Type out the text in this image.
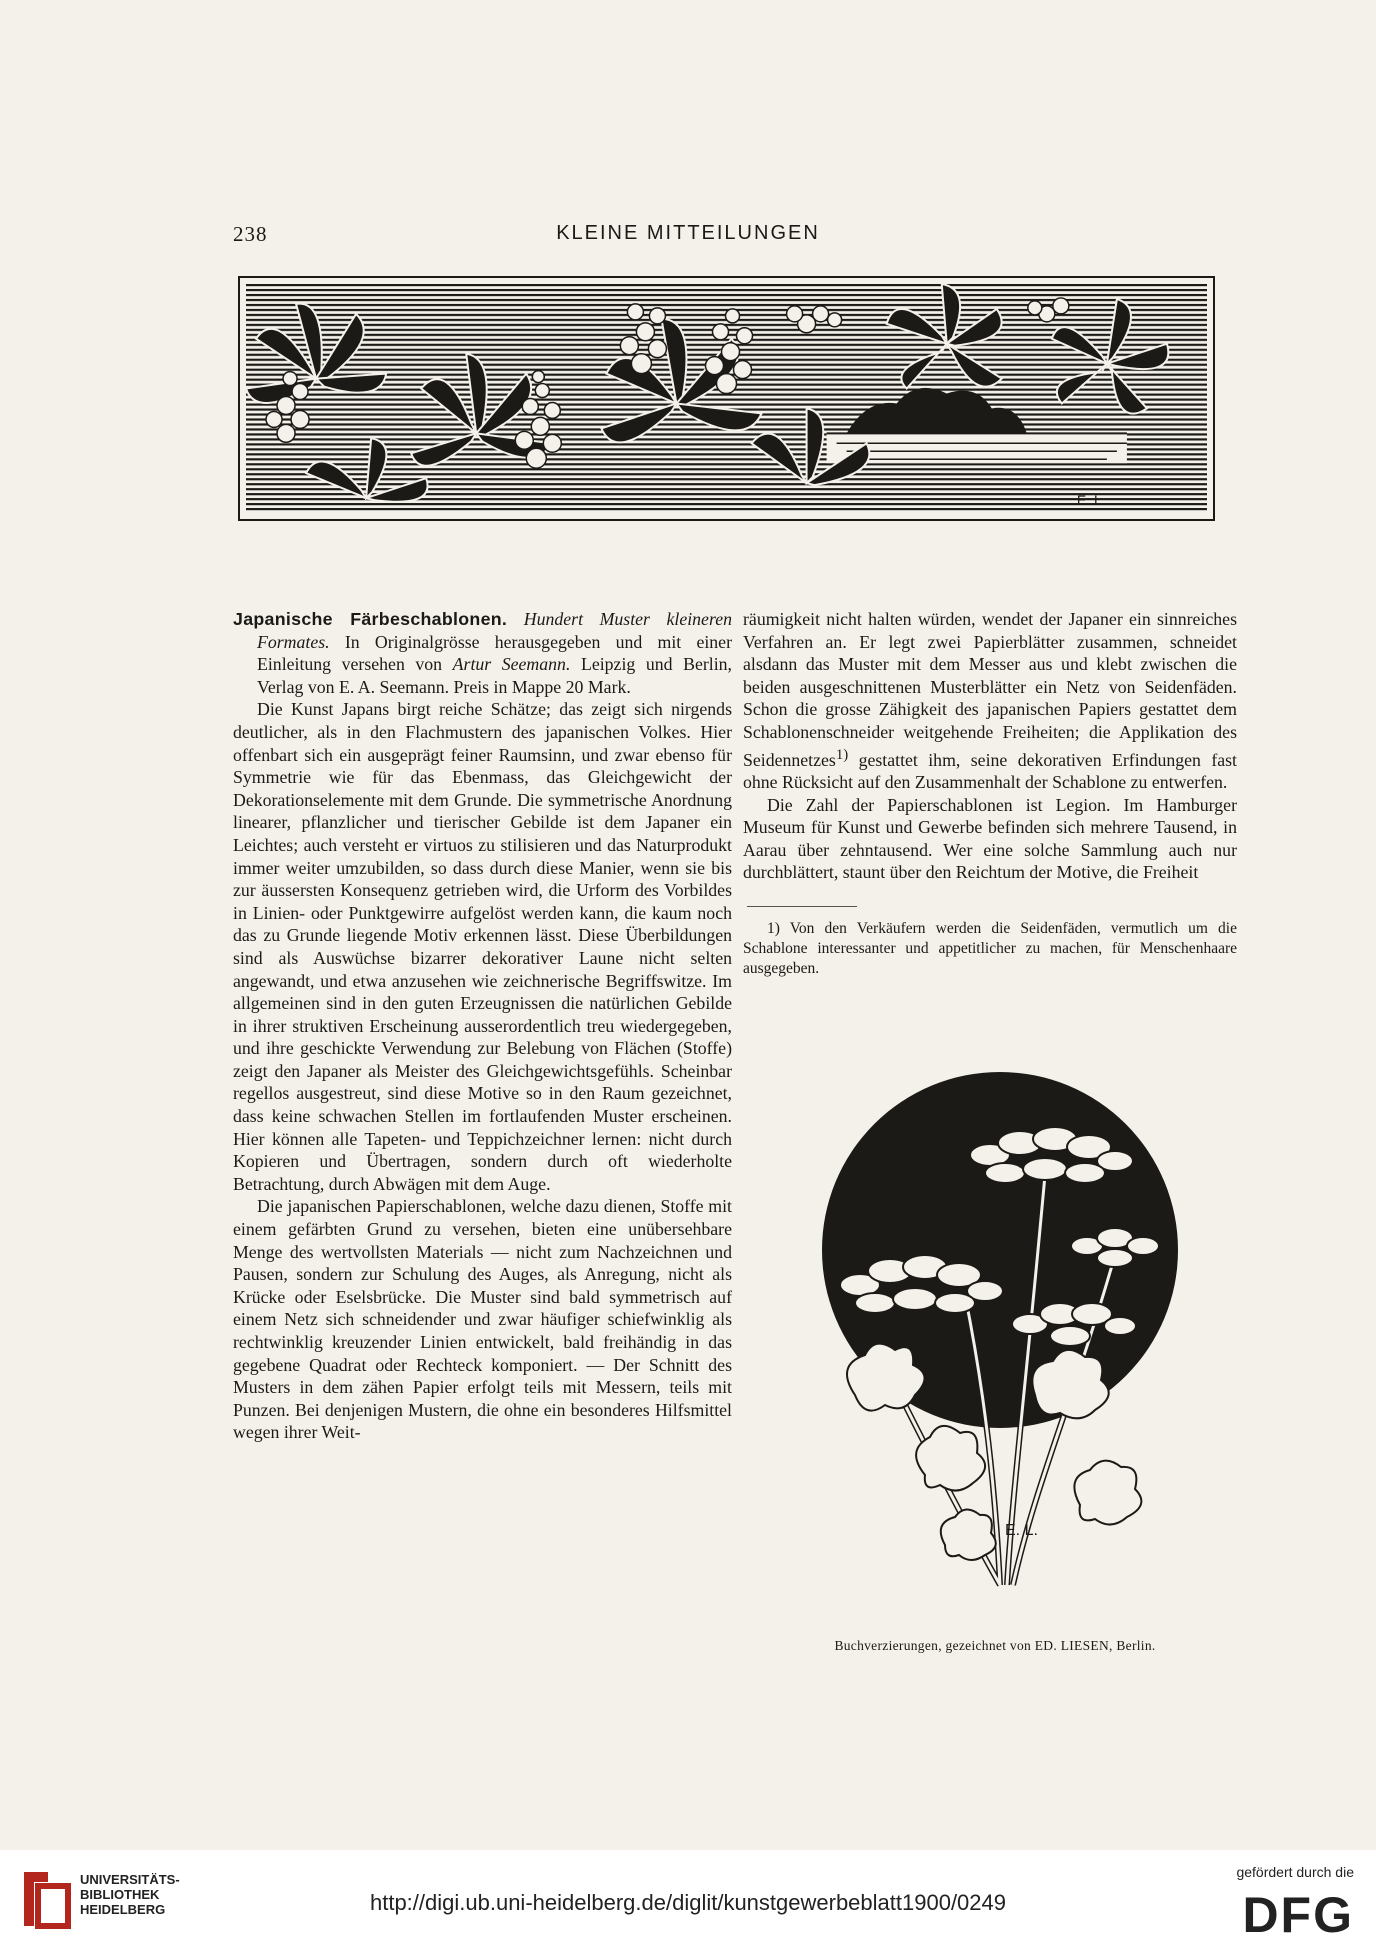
238	KLEINE MITTEILUNGEN
E. L.

Japanische Färbeschablonen. Hundert Muster kleineren Formates. In Originalgrösse herausgegeben und mit einer Einleitung versehen von Artur Seemann. Leipzig und Berlin, Verlag von E. A. Seemann. Preis in Mappe 20 Mark.

Die Kunst Japans birgt reiche Schätze; das zeigt sich nirgends deutlicher, als in den Flachmustern des japanischen Volkes. Hier offenbart sich ein ausgeprägt feiner Raumsinn, und zwar ebenso für Symmetrie wie für das Ebenmass, das Gleichgewicht der Dekorationselemente mit dem Grunde. Die symmetrische Anordnung linearer, pflanzlicher und tierischer Gebilde ist dem Japaner ein Leichtes; auch versteht er virtuos zu stilisieren und das Naturprodukt immer weiter umzubilden, so dass durch diese Manier, wenn sie bis zur äussersten Konsequenz getrieben wird, die Urform des Vorbildes in Linien- oder Punktgewirre aufgelöst werden kann, die kaum noch das zu Grunde liegende Motiv erkennen lässt. Diese Überbildungen sind als Auswüchse bizarrer dekorativer Laune nicht selten angewandt, und etwa anzusehen wie zeichnerische Begriffswitze. Im allgemeinen sind in den guten Erzeugnissen die natürlichen Gebilde in ihrer struktiven Erscheinung ausserordentlich treu wiedergegeben, und ihre geschickte Verwendung zur Belebung von Flächen (Stoffe) zeigt den Japaner als Meister des Gleichgewichtsgefühls. Scheinbar regellos ausgestreut, sind diese Motive so in den Raum gezeichnet, dass keine schwachen Stellen im fortlaufenden Muster erscheinen. Hier können alle Tapeten- und Teppichzeichner lernen: nicht durch Kopieren und Übertragen, sondern durch oft wiederholte Betrachtung, durch Abwägen mit dem Auge.

Die japanischen Papierschablonen, welche dazu dienen, Stoffe mit einem gefärbten Grund zu versehen, bieten eine unübersehbare Menge des wertvollsten Materials — nicht zum Nachzeichnen und Pausen, sondern zur Schulung des Auges, als Anregung, nicht als Krücke oder Eselsbrücke. Die Muster sind bald symmetrisch auf einem Netz sich schneidender und zwar häufiger schiefwinklig als rechtwinklig kreuzender Linien entwickelt, bald freihändig in das gegebene Quadrat oder Rechteck komponiert. — Der Schnitt des Musters in dem zähen Papier erfolgt teils mit Messern, teils mit Punzen. Bei denjenigen Mustern, die ohne ein besonderes Hilfsmittel wegen ihrer Weit-

räumigkeit nicht halten würden, wendet der Japaner ein sinnreiches Verfahren an. Er legt zwei Papierblätter zusammen, schneidet alsdann das Muster mit dem Messer aus und klebt zwischen die beiden ausgeschnittenen Musterblätter ein Netz von Seidenfäden. Schon die grosse Zähigkeit des japanischen Papiers gestattet dem Schablonenschneider weitgehende Freiheiten; die Applikation des Seidennetzes$^{1)}$ gestattet ihm, seine dekorativen Erfindungen fast ohne Rücksicht auf den Zusammenhalt der Schablone zu entwerfen.

Die Zahl der Papierschablonen ist Legion. Im Hamburger Museum für Kunst und Gewerbe befinden sich mehrere Tausend, in Aarau über zehntausend. Wer eine solche Sammlung auch nur durchblättert, staunt über den Reichtum der Motive, die Freiheit

1) Von den Verkäufern werden die Seidenfäden, vermutlich um die Schablone interessanter und appetitlicher zu machen, für Menschenhaare ausgegeben.

E. L.
Buchverzierungen, gezeichnet von ED. LIESEN, Berlin.
UNIVERSITÄTS-
BIBLIOTHEK
HEIDELBERG	http://digi.ub.uni-heidelberg.de/diglit/kunstgewerbeblatt1900/0249
gefördert durch die
DFG
